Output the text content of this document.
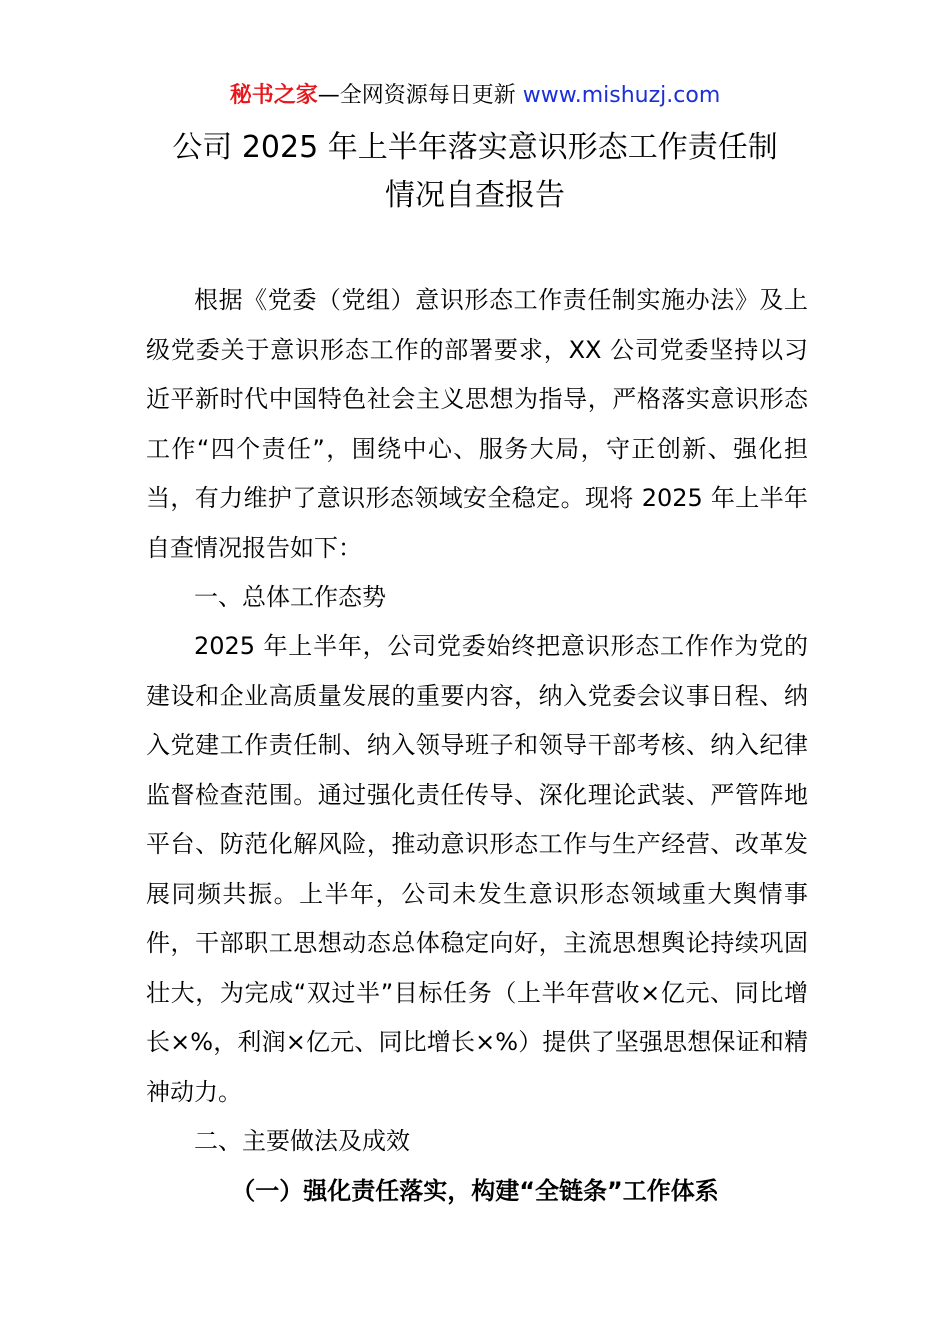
秘书之家—全网资源每日更新 www.mishuzj.com
公司 2025 年上半年落实意识形态工作责任制
情况自查报告

根据《党委（党组）意识形态工作责任制实施办法》及上级党委关于意识形态工作的部署要求，XX 公司党委坚持以习近平新时代中国特色社会主义思想为指导，严格落实意识形态工作“四个责任”，围绕中心、服务大局，守正创新、强化担当，有力维护了意识形态领域安全稳定。现将 2025 年上半年自查情况报告如下：

一、总体工作态势

2025 年上半年，公司党委始终把意识形态工作作为党的建设和企业高质量发展的重要内容，纳入党委会议事日程、纳入党建工作责任制、纳入领导班子和领导干部考核、纳入纪律监督检查范围。通过强化责任传导、深化理论武装、严管阵地平台、防范化解风险，推动意识形态工作与生产经营、改革发展同频共振。上半年，公司未发生意识形态领域重大舆情事件，干部职工思想动态总体稳定向好，主流思想舆论持续巩固壮大，为完成“双过半”目标任务（上半年营收×亿元、同比增长×%，利润×亿元、同比增长×%）提供了坚强思想保证和精神动力。

二、主要做法及成效

（一）强化责任落实，构建“全链条”工作体系
